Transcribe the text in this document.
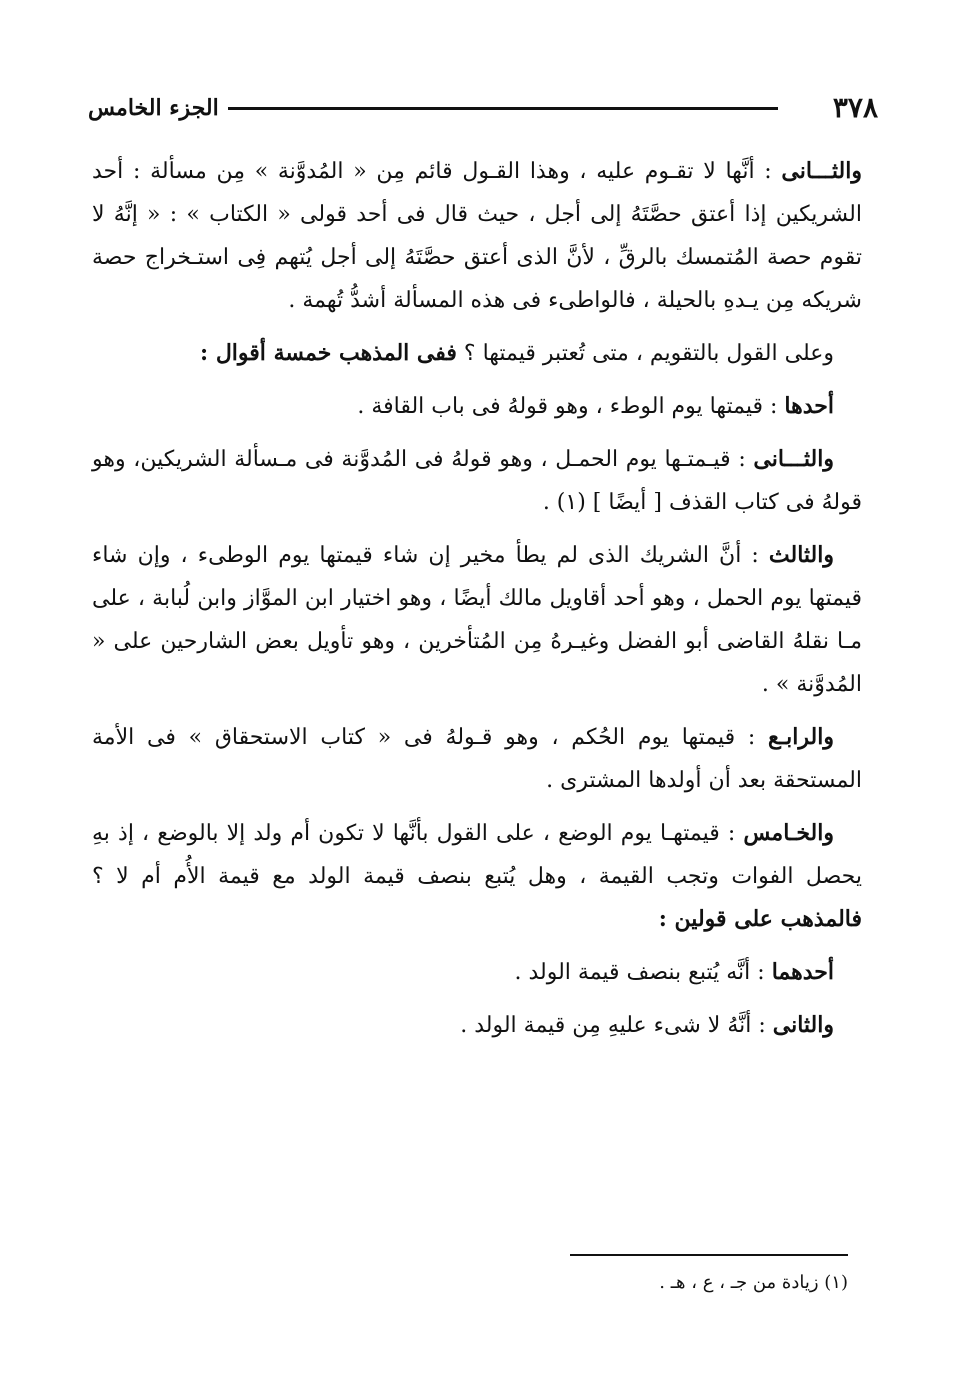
٣٧٨
الجزء الخامس

والثـــانى : أنَّها لا تقـوم عليه ، وهذا القـول قائم مِن « المُدوَّنة » مِن مسألة : أحد الشريكين إذا أعتق حصَّتَهُ إلى أجل ، حيث قال فى أحد قولى « الكتاب » : « إنَّهُ لا تقوم حصة المُتمسك بالرقِّ ، لأنَّ الذى أعتق حصَّتَهُ إلى أجل يُتهم فِى استـخراج حصة شريكه مِن يـدهِ بالحيلة ، فالواطىء فى هذه المسألة أشدُّ تُهمة .

وعلى القول بالتقويم ، متى تُعتبر قيمتها ؟ ففى المذهب خمسة أقوال :

أحدها : قيمتها يوم الوطء ، وهو قولهُ فى باب القافة .

والثـــانى : قيـمتـها يوم الحمـل ، وهو قولهُ فى المُدوَّنة فى مـسألة الشريكين، وهو قولهُ فى كتاب القذف [ أيضًا ] (١) .

والثالث : أنَّ الشريك الذى لم يطأ مخير إن شاء قيمتها يوم الوطىء ، وإن شاء قيمتها يوم الحمل ، وهو أحد أقاويل مالك أيضًا ، وهو اختيار ابن الموَّاز وابن لُبابة ، على مـا نقلهُ القاضى أبو الفضل وغيـرهُ مِن المُتأخرين ، وهو تأويل بعض الشارحين على « المُدوَّنة » .

والرابـع : قيمتها يوم الحُكم ، وهو قـولهُ فى « كتاب الاستحقاق » فى الأمة المستحقة بعد أن أولدها المشترى .

والخـامس : قيمتهـا يوم الوضع ، على القول بأنَّها لا تكون أم ولد إلا بالوضع ، إذ بهِ يحصل الفوات وتجب القيمة ، وهل يُتبع بنصف قيمة الولد مع قيمة الأُم أم لا ؟ فالمذهب على قولين :

أحدهما : أنَّه يُتبع بنصف قيمة الولد .

والثانى : أنَّهُ لا شىء عليهِ مِن قيمة الولد .

(١) زيادة من جـ ، ع ، هـ .
